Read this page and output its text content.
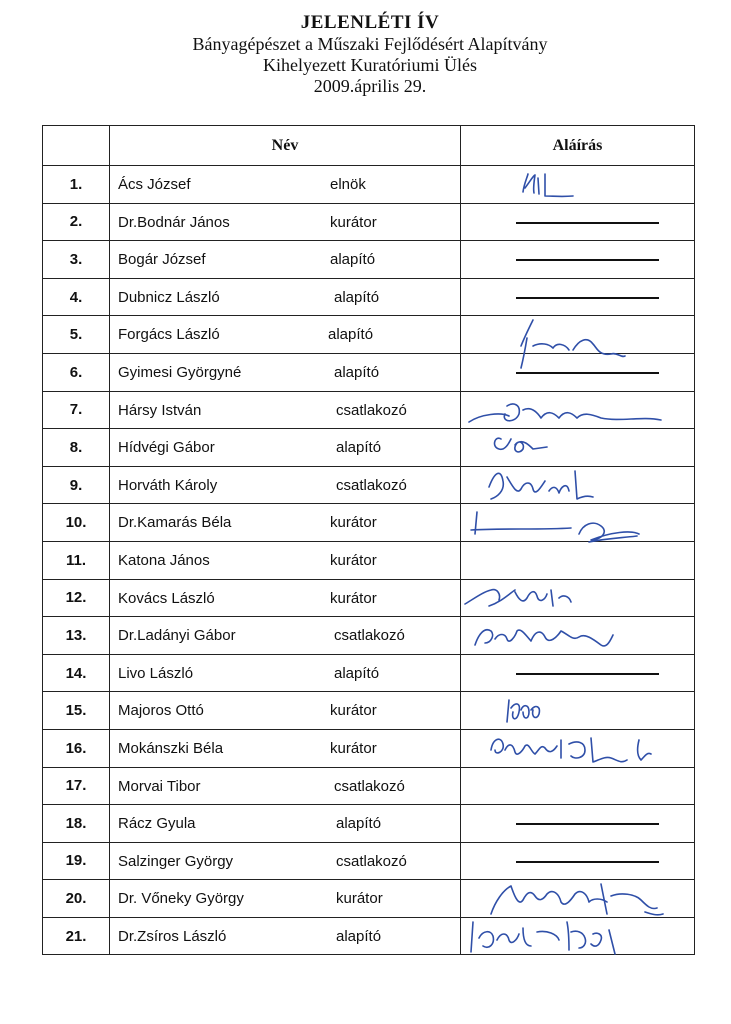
JELENLÉTI ÍV
Bányagépészet a Műszaki Fejlődésért Alapítvány
Kihelyezett Kuratóriumi Ülés
2009.április 29.
	Név	Aláírás
1.	Ács József elnök

2.	Dr.Bodnár János kurátor	

3.	Bogár József alapító	

4.	Dubnicz László alapító	

5.	Forgács László alapító

6.	Gyimesi Györgyné alapító	

7.	Hársy István csatlakozó

8.	Hídvégi Gábor alapító

9.	Horváth Károly csatlakozó

10.	Dr.Kamarás Béla kurátor

11.	Katona János kurátor	

12.	Kovács László kurátor

13.	Dr.Ladányi Gábor csatlakozó

14.	Livo László alapító	

15.	Majoros Ottó kurátor

16.	Mokánszki Béla kurátor

17.	Morvai Tibor csatlakozó	

18.	Rácz Gyula alapító	

19.	Salzinger György csatlakozó	

20.	Dr. Vőneky György kurátor

21.	Dr.Zsíros László alapító
